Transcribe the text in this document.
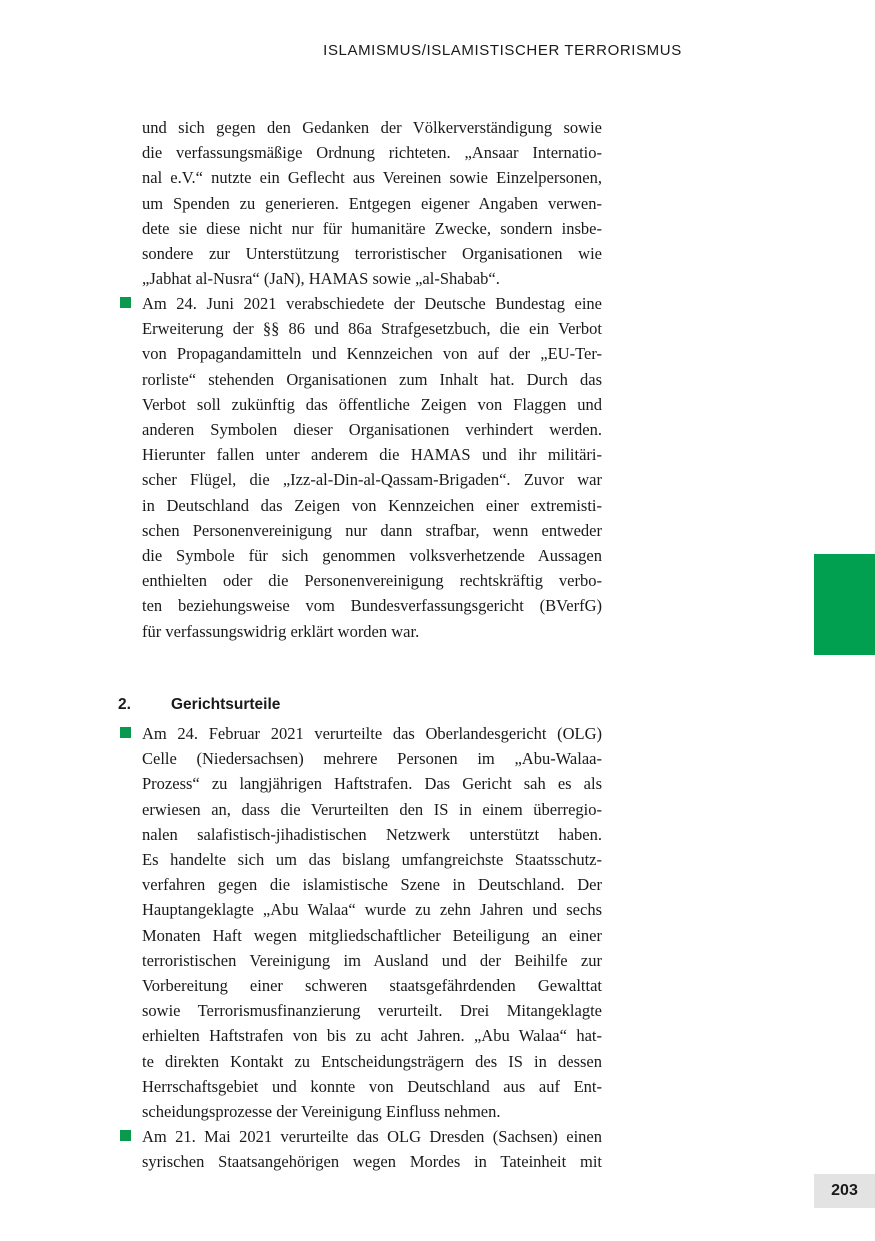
ISLAMISMUS/ISLAMISTISCHER TERRORISMUS

und sich gegen den Gedanken der Völkerverständigung sowie
die verfassungsmäßige Ordnung richteten. „Ansaar Internatio-
nal e.V.“ nutzte ein Geflecht aus Vereinen sowie Einzelpersonen,
um Spenden zu generieren. Entgegen eigener Angaben verwen-
dete sie diese nicht nur für humanitäre Zwecke, sondern insbe-
sondere zur Unterstützung terroristischer Organisationen wie
„Jabhat al-Nusra“ (JaN), HAMAS sowie „al-Shabab“.

Am 24. Juni 2021 verabschiedete der Deutsche Bundestag eine
Erweiterung der §§ 86 und 86a Strafgesetzbuch, die ein Verbot
von Propagandamitteln und Kennzeichen von auf der „EU-Ter-
rorliste“ stehenden Organisationen zum Inhalt hat. Durch das
Verbot soll zukünftig das öffentliche Zeigen von Flaggen und
anderen Symbolen dieser Organisationen verhindert werden.
Hierunter fallen unter anderem die HAMAS und ihr militäri-
scher Flügel, die „Izz-al-Din-al-Qassam-Brigaden“. Zuvor war
in Deutschland das Zeigen von Kennzeichen einer extremisti-
schen Personenvereinigung nur dann strafbar, wenn entweder
die Symbole für sich genommen volksverhetzende Aussagen
enthielten oder die Personenvereinigung rechtskräftig verbo-
ten beziehungsweise vom Bundesverfassungsgericht (BVerfG)
für verfassungswidrig erklärt worden war.

2.	Gerichtsurteile

Am 24. Februar 2021 verurteilte das Oberlandesgericht (OLG)
Celle (Niedersachsen) mehrere Personen im „Abu-Walaa-
Prozess“ zu langjährigen Haftstrafen. Das Gericht sah es als
erwiesen an, dass die Verurteilten den IS in einem überregio-
nalen salafistisch-jihadistischen Netzwerk unterstützt haben.
Es handelte sich um das bislang umfangreichste Staatsschutz-
verfahren gegen die islamistische Szene in Deutschland. Der
Hauptangeklagte „Abu Walaa“ wurde zu zehn Jahren und sechs
Monaten Haft wegen mitgliedschaftlicher Beteiligung an einer
terroristischen Vereinigung im Ausland und der Beihilfe zur
Vorbereitung einer schweren staatsgefährdenden Gewalttat
sowie Terrorismusfinanzierung verurteilt. Drei Mitangeklagte
erhielten Haftstrafen von bis zu acht Jahren. „Abu Walaa“ hat-
te direkten Kontakt zu Entscheidungsträgern des IS in dessen
Herrschaftsgebiet und konnte von Deutschland aus auf Ent-
scheidungsprozesse der Vereinigung Einfluss nehmen.

Am 21. Mai 2021 verurteilte das OLG Dresden (Sachsen) einen
syrischen Staatsangehörigen wegen Mordes in Tateinheit mit

203
